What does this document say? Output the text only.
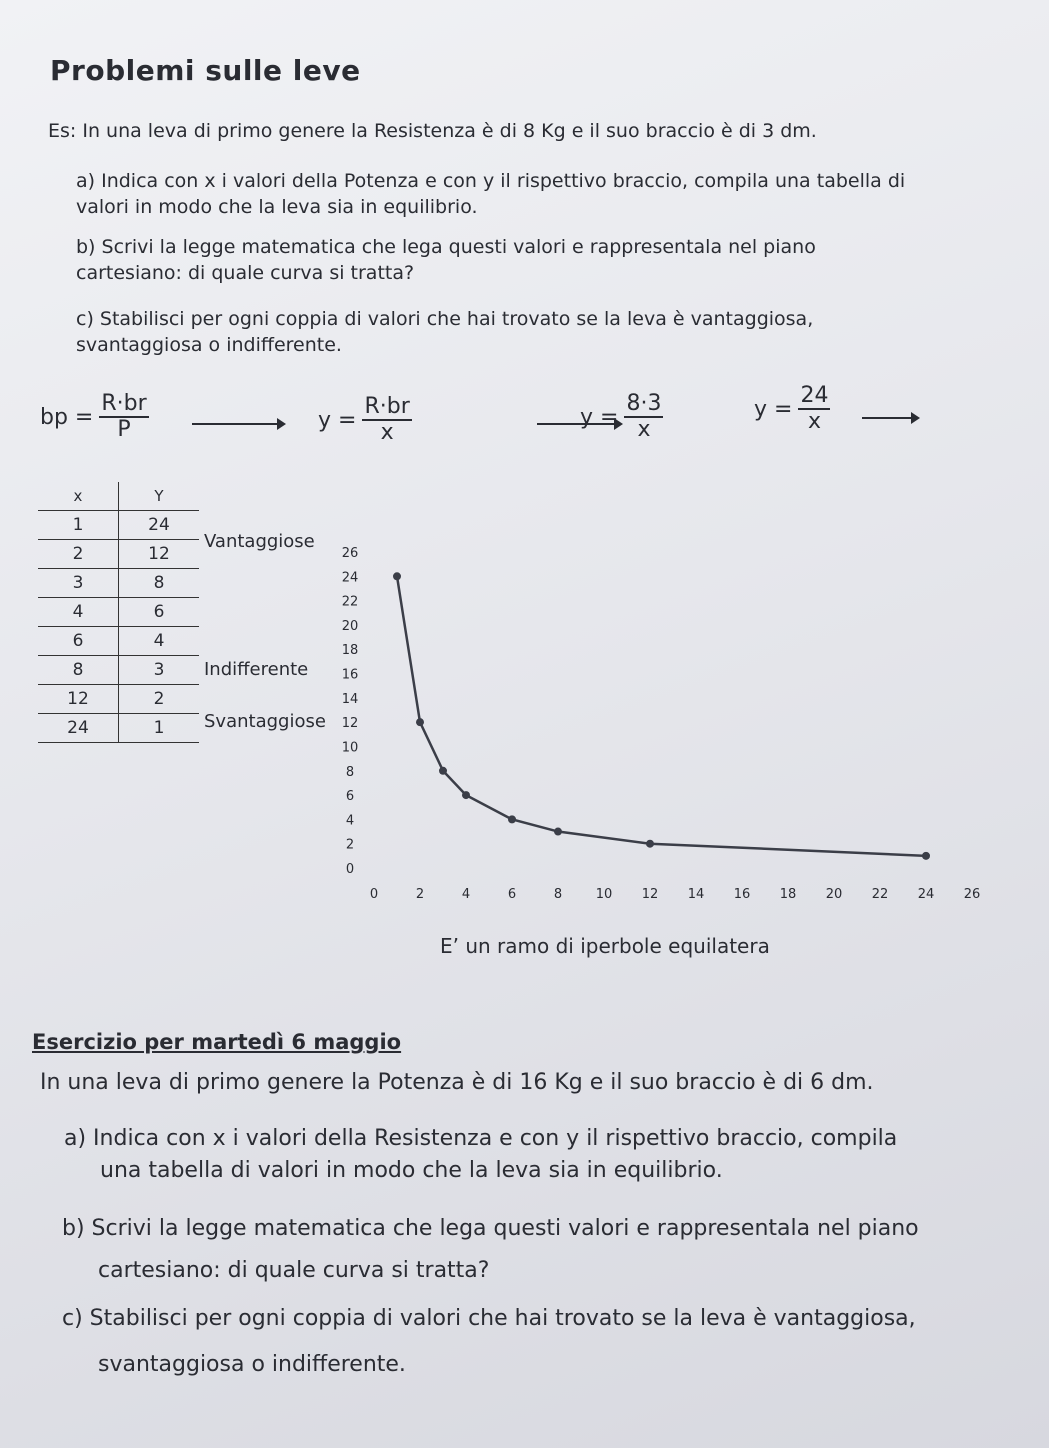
Problemi sulle leve
Es: In una leva di primo genere la Resistenza è di 8 Kg e il suo braccio è di 3 dm.
a) Indica con x i valori della Potenza e con y il rispettivo braccio, compila una tabella di valori in modo che la leva sia in equilibrio.
b) Scrivi la legge matematica che lega questi valori e rappresentala nel piano cartesiano: di quale curva si tratta?
c) Stabilisci per ogni coppia di valori che hai trovato se la leva è vantaggiosa, svantaggiosa o indifferente.
bp = $\frac{R\cdot br}{P}$
	$y = \frac{R\cdot br}{x}$
	$y = \frac{8\cdot 3}{x}$	$y = \frac{24}{x}$
x	Y
1	24
2	12
3	8
4	6
6	4
8	3
12	2
24	1
Vantaggiose
Indifferente
Svantaggiose
0
2
4
6
8
10
12
14
16
18
20
22
24
26
0	2	4	6	8	10 12 14 16 18 20 22 24 26
E’ un ramo di iperbole equilatera
Esercizio per martedì 6 maggio
In una leva di primo genere la Potenza è di 16 Kg e il suo braccio è di 6 dm.
a) Indica con x i valori della Resistenza e con y il rispettivo braccio, compila
una tabella di valori in modo che la leva sia in equilibrio.
b) Scrivi la legge matematica che lega questi valori e rappresentala nel piano
cartesiano: di quale curva si tratta?
c) Stabilisci per ogni coppia di valori che hai trovato se la leva è vantaggiosa,
svantaggiosa o indifferente.
